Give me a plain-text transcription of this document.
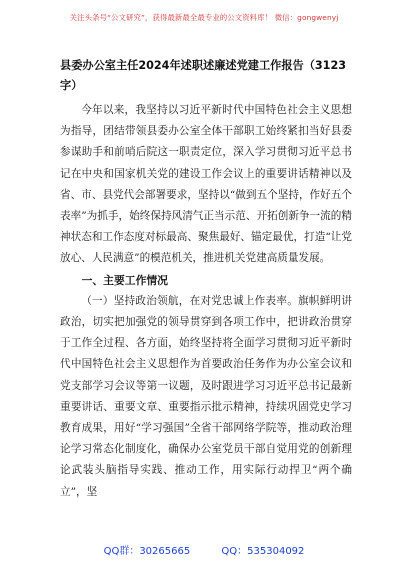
关注头条号“公文研究”，获得最新最全最专业的公文资料库！ 微信：gongwenyj
县委办公室主任2024年述职述廉述党建工作报告（3123字）

今年以来，我坚持以习近平新时代中国特色社会主义思想为指导，团结带领县委办公室全体干部职工始终紧扣当好县委参谋助手和前哨后院这一职责定位，深入学习贯彻习近平总书记在中央和国家机关党的建设工作会议上的重要讲话精神以及省、市、县党代会部署要求，坚持以“做到五个坚持，作好五个表率”为抓手，始终保持风清气正当示范、开拓创新争一流的精神状态和工作态度对标最高、聚焦最好、锚定最优，打造“让党放心、人民满意”的模范机关，推进机关党建高质量发展。

一、主要工作情况

（一）坚持政治领航，在对党忠诚上作表率。旗帜鲜明讲政治，切实把加强党的领导贯穿到各项工作中，把讲政治贯穿于工作全过程、各方面，始终坚持将全面学习贯彻习近平新时代中国特色社会主义思想作为首要政治任务作为办公室会议和党支部学习会议等第一议题，及时跟进学习习近平总书记最新重要讲话、重要文章、重要指示批示精神，持续巩固党史学习教育成果，用好“学习强国”全省干部网络学院等，推动政治理论学习常态化制度化，确保办公室党员干部自觉用党的创新理论武装头脑指导实践、推动工作，用实际行动捍卫“两个确立”，坚

QQ群：30265665	QQ：535304092
